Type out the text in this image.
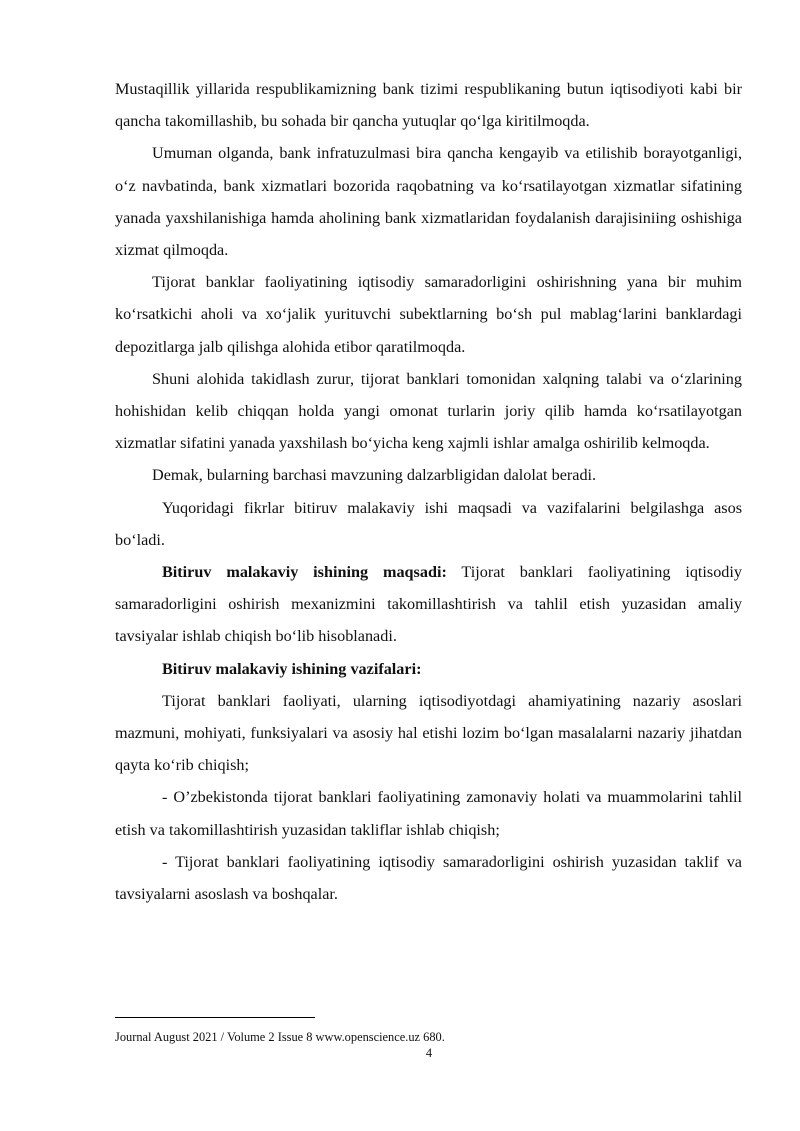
Mustaqillik yillarida respublikamizning bank tizimi respublikaning butun iqtisodiyoti kabi bir qancha takomillashib, bu sohada bir qancha yutuqlar qo‘lga kiritilmoqda.

Umuman olganda, bank infratuzulmasi bira qancha kengayib va etilishib borayotganligi, o‘z navbatinda, bank xizmatlari bozorida raqobatning va ko‘rsatilayotgan xizmatlar sifatining yanada yaxshilanishiga hamda aholining bank xizmatlaridan foydalanish darajisiniing oshishiga xizmat qilmoqda.

Tijorat banklar faoliyatining iqtisodiy samaradorligini oshirishning yana bir muhim ko‘rsatkichi aholi va xo‘jalik yurituvchi subektlarning bo‘sh pul mablag‘larini banklardagi depozitlarga jalb qilishga alohida etibor qaratilmoqda.

Shuni alohida takidlash zurur, tijorat banklari tomonidan xalqning talabi va o‘zlarining hohishidan kelib chiqqan holda yangi omonat turlarin joriy qilib hamda ko‘rsatilayotgan xizmatlar sifatini yanada yaxshilash bo‘yicha keng xajmli ishlar amalga oshirilib kelmoqda.

Demak, bularning barchasi mavzuning dalzarbligidan dalolat beradi.

Yuqoridagi fikrlar bitiruv malakaviy ishi maqsadi va vazifalarini belgilashga asos bo‘ladi.

Bitiruv malakaviy ishining maqsadi: Tijorat banklari faoliyatining iqtisodiy samaradorligini oshirish mexanizmini takomillashtirish va tahlil etish yuzasidan amaliy tavsiyalar ishlab chiqish bo‘lib hisoblanadi.

Bitiruv malakaviy ishining vazifalari:

Tijorat banklari faoliyati, ularning iqtisodiyotdagi ahamiyatining nazariy asoslari mazmuni, mohiyati, funksiyalari va asosiy hal etishi lozim bo‘lgan masalalarni nazariy jihatdan qayta ko‘rib chiqish;

- O’zbekistonda tijorat banklari faoliyatining zamonaviy holati va muammolarini tahlil etish va takomillashtirish yuzasidan takliflar ishlab chiqish;

- Tijorat banklari faoliyatining iqtisodiy samaradorligini oshirish yuzasidan taklif va tavsiyalarni asoslash va boshqalar.

Journal August 2021 / Volume 2 Issue 8 www.openscience.uz 680.

4
